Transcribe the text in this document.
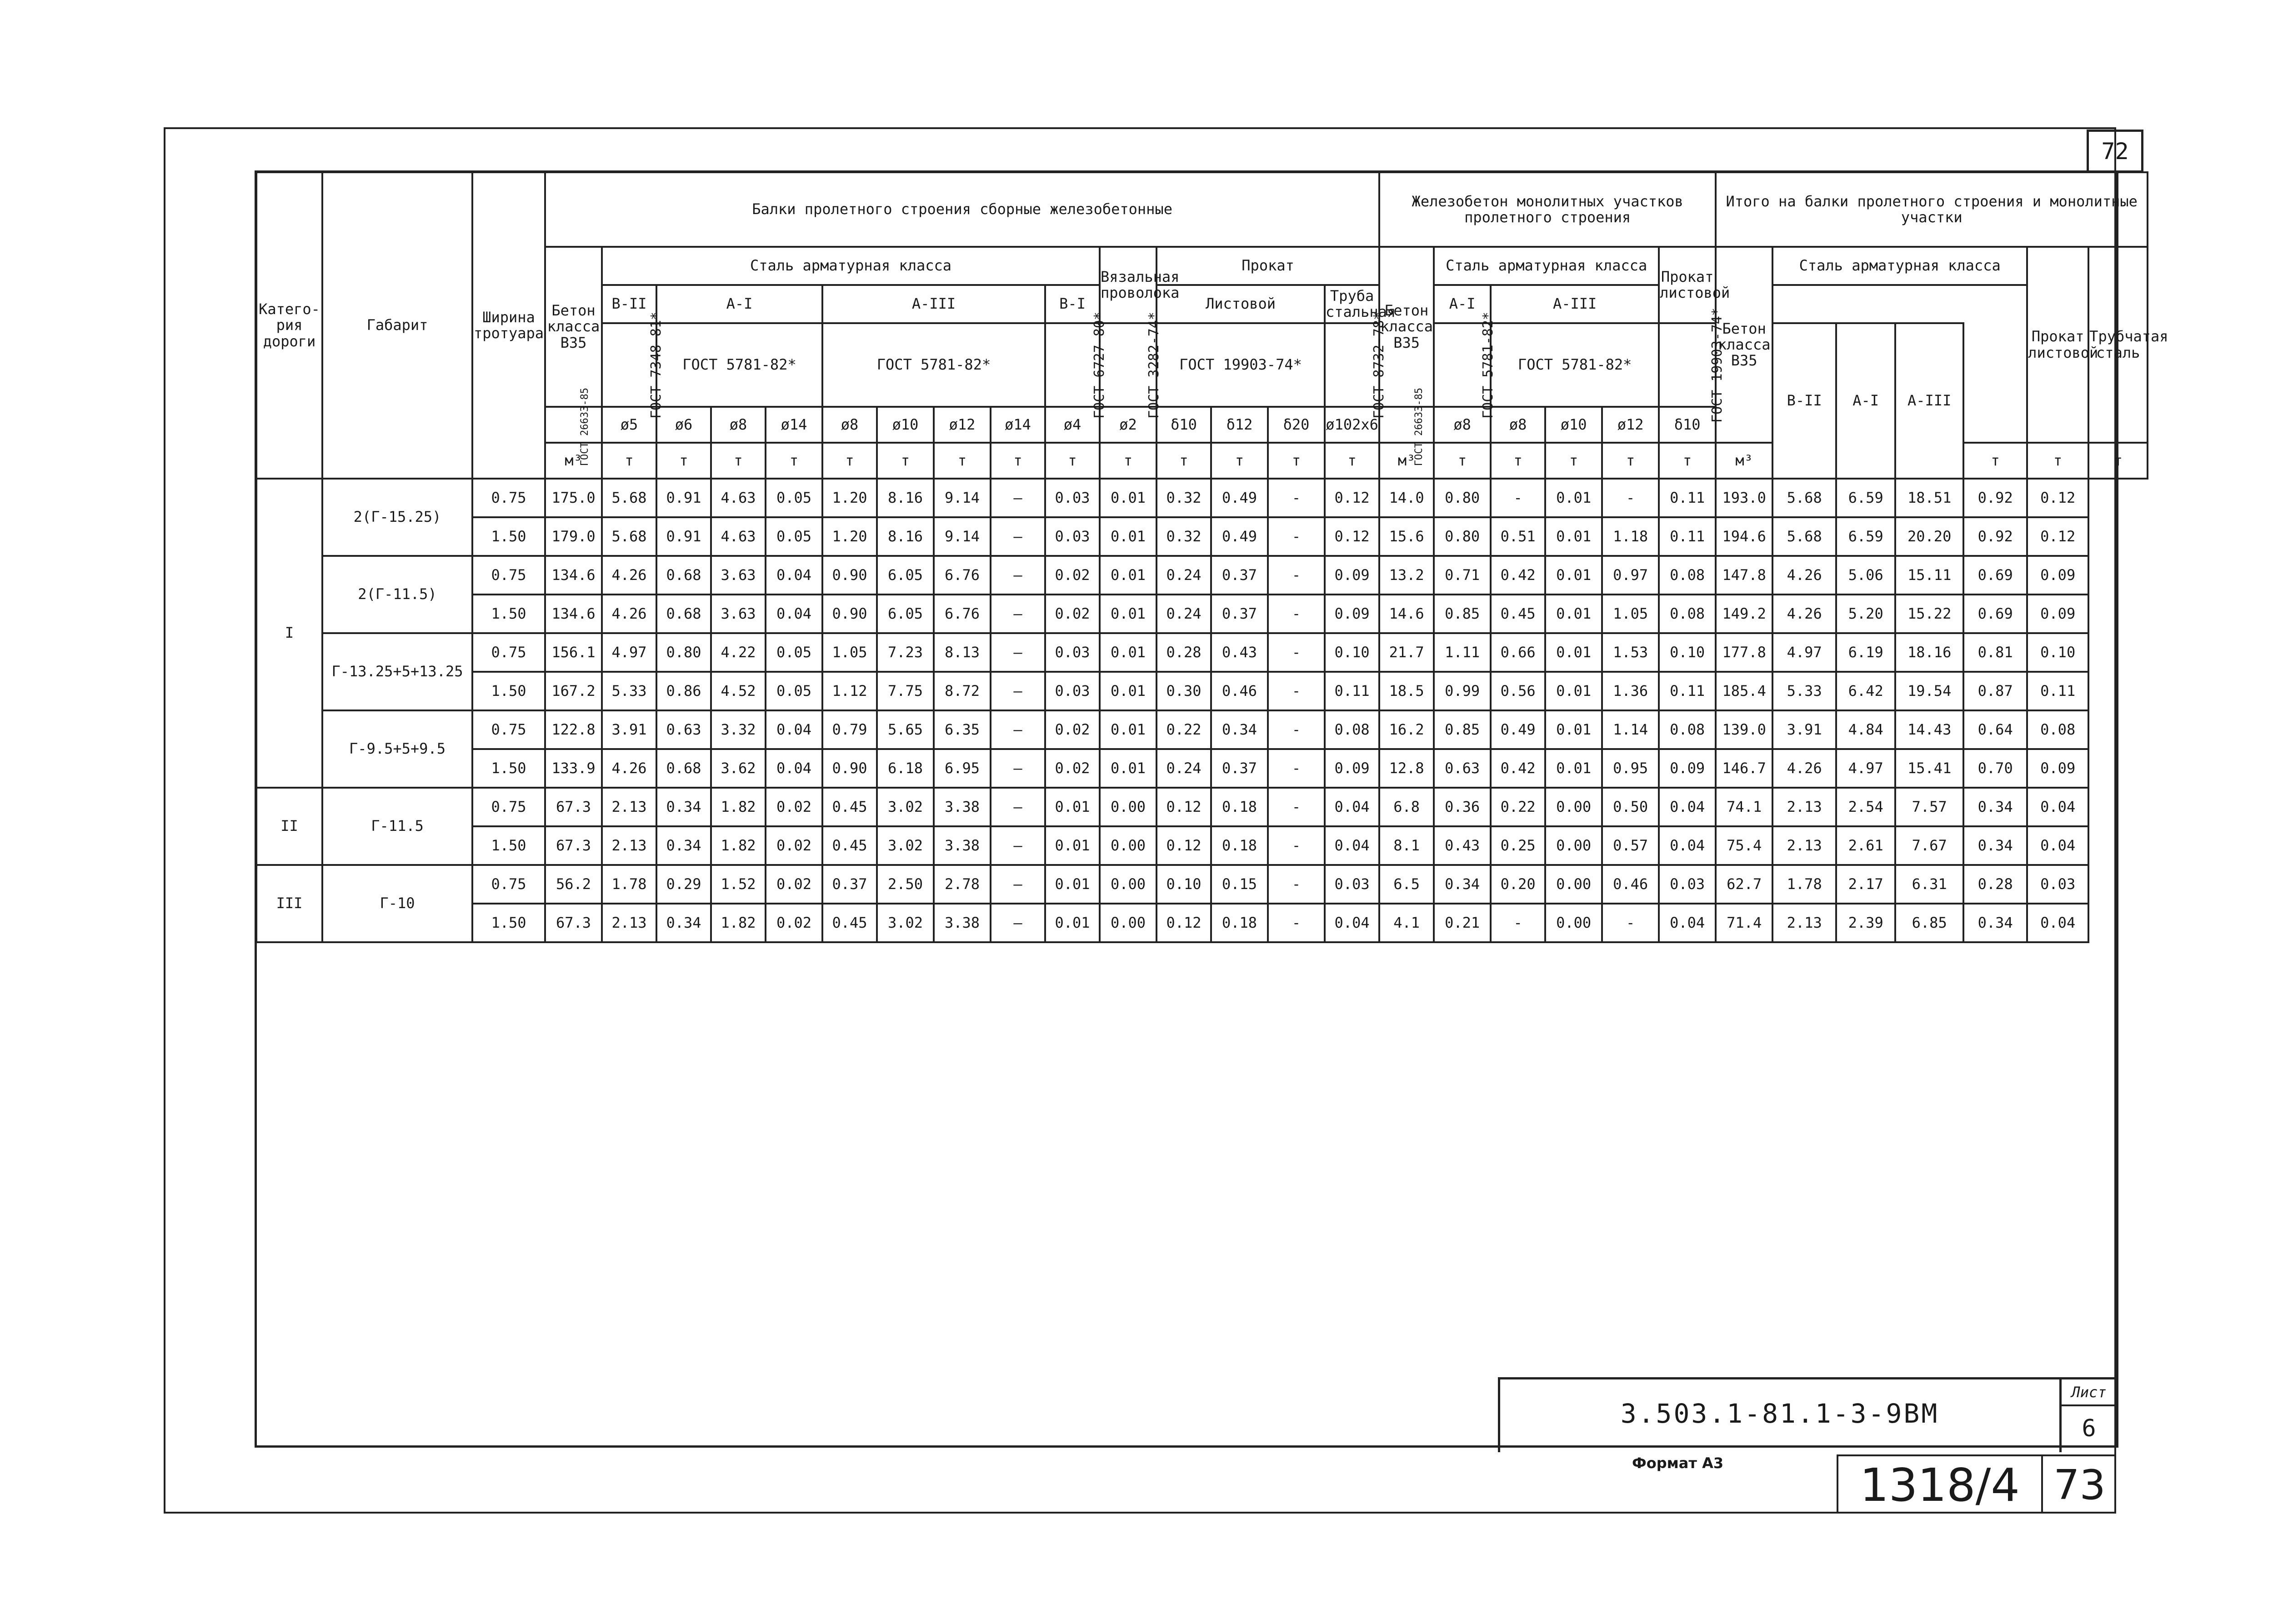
72
Катего-рия дороги	Габарит	Ширина тротуара	Балки пролетного строения сборные железобетонные															Железобетон монолитных участков пролетного строения						Итого на балки пролетного строения и монолитные участки							
			Бетон класса В35	Сталь арматурная класса									Вязальная проволока	Прокат				Бетон класса В35	Сталь арматурная класса				Прокат листовой	Бетон класса В35	Сталь арматурная класса				Прокат листовой	Трубчатая сталь	
				В-II	А-I			А-III				В-I		Листовой			Труба стальная		А-I	А-III											
				ГОСТ 7348-81*	ГОСТ 5781-82*			ГОСТ 5781-82*				ГОСТ 6727-80*	ГОСТ 3282-74*	ГОСТ 19903-74*			ГОСТ 8732-78*		ГОСТ 5781-82*	ГОСТ 5781-82*			ГОСТ 19903-74*		В-II	А-I	А-III				
			ГОСТ 26633-85	ø5	ø6	ø8	ø14	ø8	ø10	ø12	ø14	ø4	ø2	δ10	δ12	δ20	ø102x6	ГОСТ 26633-85	ø8	ø8	ø10	ø12	δ10								
			м³	т	т	т	т	т	т	т	т	т	т	т	т	т	т	м³	т	т	т	т	т	м³				т	т	т		
I	2(Г-15.25)	0.75	175.0	5.68	0.91	4.63	0.05	1.20	8.16	9.14	–	0.03	0.01	0.32	0.49	-	0.12	14.0	0.80	-	0.01	-	0.11	193.0	5.68	6.59	18.51	0.92	0.12		
		1.50	179.0	5.68	0.91	4.63	0.05	1.20	8.16	9.14	–	0.03	0.01	0.32	0.49	-	0.12	15.6	0.80	0.51	0.01	1.18	0.11	194.6	5.68	6.59	20.20	0.92	0.12		
	2(Г-11.5)	0.75	134.6	4.26	0.68	3.63	0.04	0.90	6.05	6.76	–	0.02	0.01	0.24	0.37	-	0.09	13.2	0.71	0.42	0.01	0.97	0.08	147.8	4.26	5.06	15.11	0.69	0.09		
		1.50	134.6	4.26	0.68	3.63	0.04	0.90	6.05	6.76	–	0.02	0.01	0.24	0.37	-	0.09	14.6	0.85	0.45	0.01	1.05	0.08	149.2	4.26	5.20	15.22	0.69	0.09		
	Г-13.25+5+13.25	0.75	156.1	4.97	0.80	4.22	0.05	1.05	7.23	8.13	–	0.03	0.01	0.28	0.43	-	0.10	21.7	1.11	0.66	0.01	1.53	0.10	177.8	4.97	6.19	18.16	0.81	0.10		
		1.50	167.2	5.33	0.86	4.52	0.05	1.12	7.75	8.72	–	0.03	0.01	0.30	0.46	-	0.11	18.5	0.99	0.56	0.01	1.36	0.11	185.4	5.33	6.42	19.54	0.87	0.11		
	Г-9.5+5+9.5	0.75	122.8	3.91	0.63	3.32	0.04	0.79	5.65	6.35	–	0.02	0.01	0.22	0.34	-	0.08	16.2	0.85	0.49	0.01	1.14	0.08	139.0	3.91	4.84	14.43	0.64	0.08		
		1.50	133.9	4.26	0.68	3.62	0.04	0.90	6.18	6.95	–	0.02	0.01	0.24	0.37	-	0.09	12.8	0.63	0.42	0.01	0.95	0.09	146.7	4.26	4.97	15.41	0.70	0.09		
II	Г-11.5	0.75	67.3	2.13	0.34	1.82	0.02	0.45	3.02	3.38	–	0.01	0.00	0.12	0.18	-	0.04	6.8	0.36	0.22	0.00	0.50	0.04	74.1	2.13	2.54	7.57	0.34	0.04		
		1.50	67.3	2.13	0.34	1.82	0.02	0.45	3.02	3.38	–	0.01	0.00	0.12	0.18	-	0.04	8.1	0.43	0.25	0.00	0.57	0.04	75.4	2.13	2.61	7.67	0.34	0.04		
III	Г-10	0.75	56.2	1.78	0.29	1.52	0.02	0.37	2.50	2.78	–	0.01	0.00	0.10	0.15	-	0.03	6.5	0.34	0.20	0.00	0.46	0.03	62.7	1.78	2.17	6.31	0.28	0.03		
		1.50	67.3	2.13	0.34	1.82	0.02	0.45	3.02	3.38	–	0.01	0.00	0.12	0.18	-	0.04	4.1	0.21	-	0.00	-	0.04	71.4	2.13	2.39	6.85	0.34	0.04		

3.503.1-81.1-3-9ВМ
Лист
6
Формат А3	1318/4 73
